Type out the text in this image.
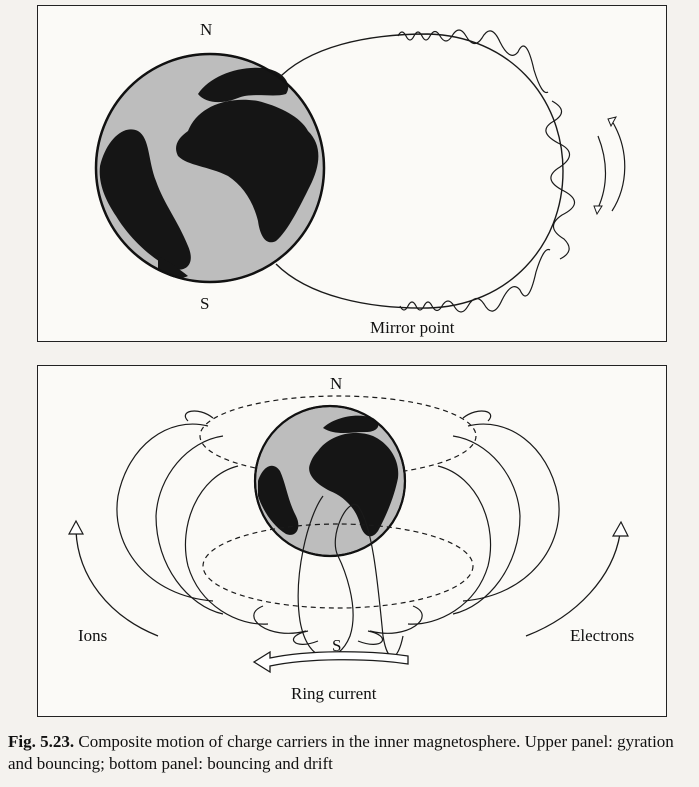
N
S
Mirror point
N
S
Ions	Electrons
Ring current
Fig. 5.23. Composite motion of charge carriers in the inner magnetosphere. Upper panel: gyration and bouncing; bottom panel: bouncing and drift
